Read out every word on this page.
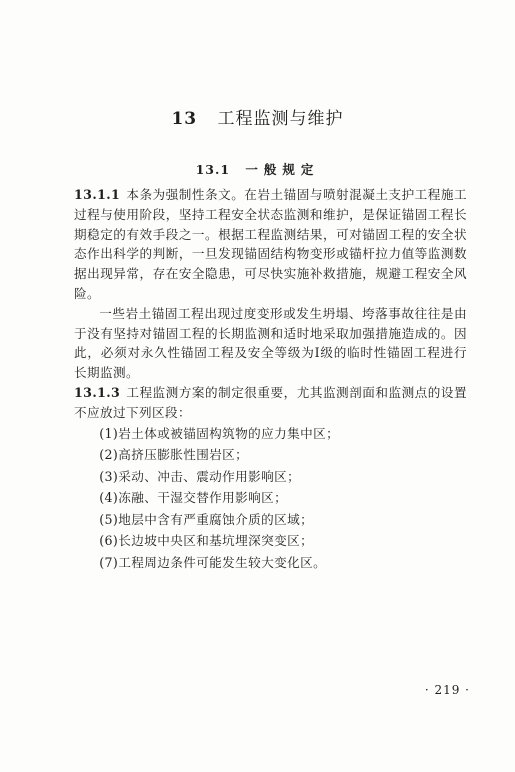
13 工程监测与维护
13.1 一般规定

13.1.1 本条为强制性条文。在岩土锚固与喷射混凝土支护工程施工过程与使用阶段，坚持工程安全状态监测和维护，是保证锚固工程长期稳定的有效手段之一。根据工程监测结果，可对锚固工程的安全状态作出科学的判断，一旦发现锚固结构物变形或锚杆拉力值等监测数据出现异常，存在安全隐患，可尽快实施补救措施，规避工程安全风险。

一些岩土锚固工程出现过度变形或发生坍塌、垮落事故往往是由于没有坚持对锚固工程的长期监测和适时地采取加强措施造成的。因此，必须对永久性锚固工程及安全等级为Ⅰ级的临时性锚固工程进行长期监测。

13.1.3 工程监测方案的制定很重要，尤其监测剖面和监测点的设置不应放过下列区段：

(1)岩土体或被锚固构筑物的应力集中区；
(2)高挤压膨胀性围岩区；
(3)采动、冲击、震动作用影响区；
(4)冻融、干湿交替作用影响区；
(5)地层中含有严重腐蚀介质的区域；
(6)长边坡中央区和基坑埋深突变区；
(7)工程周边条件可能发生较大变化区。
· 219 ·
